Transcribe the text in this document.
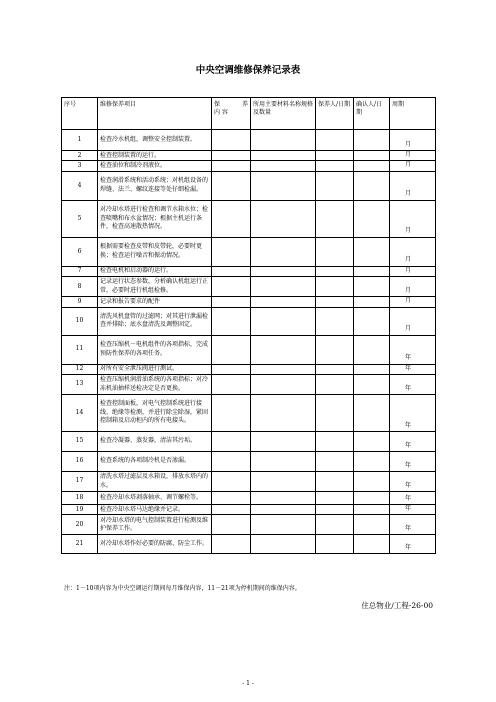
中央空调维修保养记录表
序号	维修保养项目	保 养
内 容	所用主要材料名称规格及数量	保养人/日期	确认人/日期	周期
1	检查冷水机组，调整安全控制装置。					月
2	检查控制装置的运行。					月
3	检查油位和制冷剂液位。					月
4	检查润滑系统和活动系统；对机组设备的焊缝、法兰、螺纹连接等处仔细检漏。					月
5	对冷却水塔进行检查和调节水箱水位；检查喷嘴和布水盆情况；根据主机运行条件，检查高速散热情况。					月
6	根据需要检查皮带和皮带轮，必要时更换；检查运行噪音和振动情况。					月
7	检查电机和启动器的运行。					月
8	记录运行状态参数，分析确认机组运行正常，必要时进行机组检修。					月
9	记录和报告要求的配件					月
10	清洗风机盘管的过滤网；对其进行泄漏检查并排除；底水盘清洗及调整固定。					月
11	检查压缩机－电机组件的各项指标，完成预防性保养的各项任务。					年
12	对所有安全泄压阀进行测试。					年
13	检查压缩机润滑油系统的各项指标；对冷冻机油抽样送检决定是否更换。					年
14	检查控制面板，对电气控制系统进行接线、绝缘等检测，并进行除尘除湿，紧固控制箱及启动柜内的所有电接头。					年
15	检查冷凝器、蒸发器，清洁其污垢。					年
16	检查系统的各项制冷机是否渗漏。					年
17	清洗水塔过滤层及水箱设，排放水塔内的水。					年
18	检查冷却水塔剥落轴承、调节螺栓等。					年
19	检查冷却水塔马达绝缘并记录。					年
20	对冷却水塔的电气控制装置进行检测及维护保养工作。					年
21	对冷却水塔作好必要的防腐、防尘工作。					年
注：1－10项内容为中央空调运行期间每月维保内容，11－21项为停机期间的维保内容。
住总物业/工程-26-00
- 1 -
